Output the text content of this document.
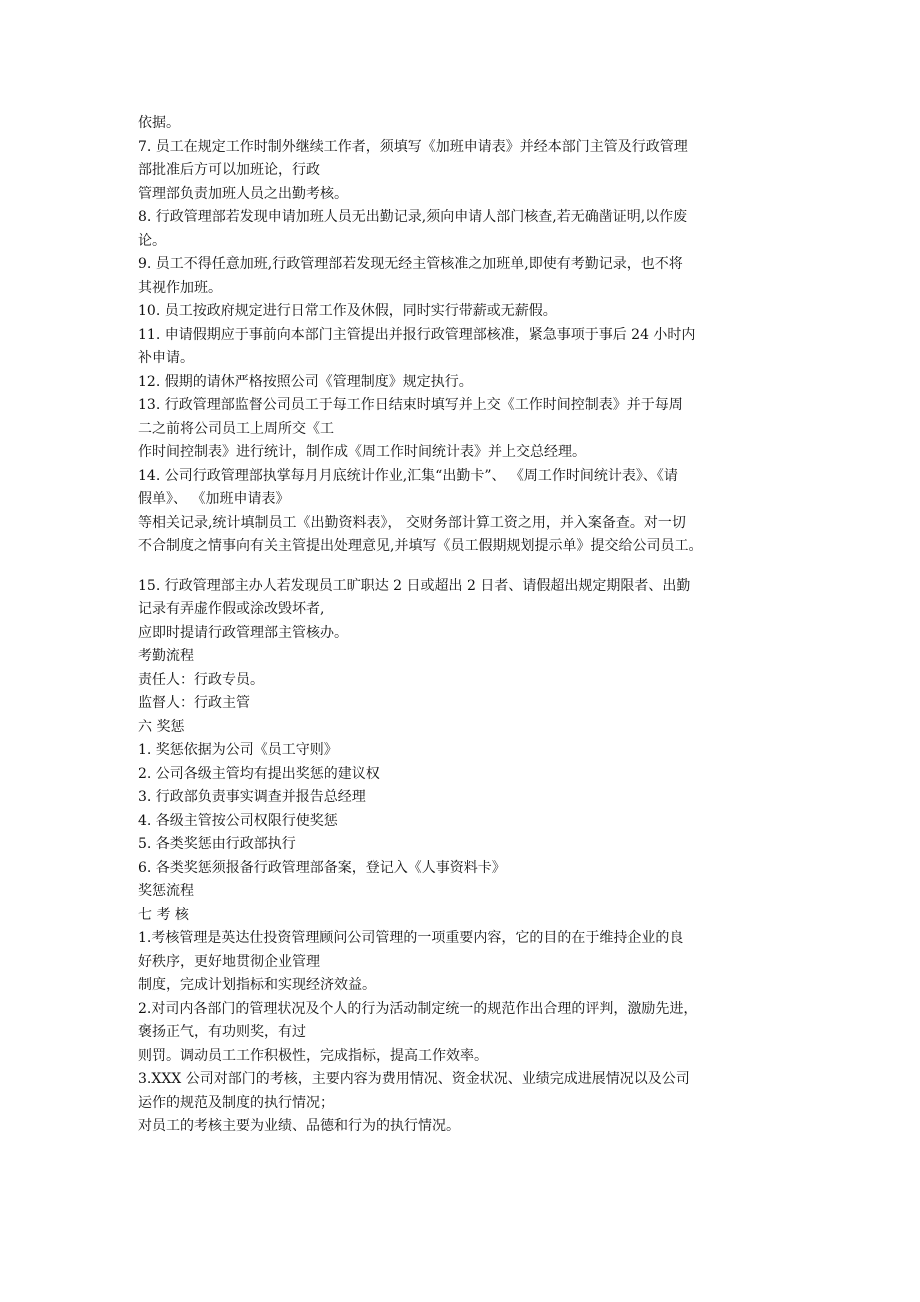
依据。
7. 员工在规定工作时制外继续工作者，须填写《加班申请表》并经本部门主管及行政管理
部批准后方可以加班论，行政
管理部负责加班人员之出勤考核。
8. 行政管理部若发现申请加班人员无出勤记录,须向申请人部门核查,若无确凿证明,以作废
论。
9. 员工不得任意加班,行政管理部若发现无经主管核准之加班单,即使有考勤记录，也不将
其视作加班。
10. 员工按政府规定进行日常工作及休假，同时实行带薪或无薪假。
11. 申请假期应于事前向本部门主管提出并报行政管理部核准，紧急事项于事后 24 小时内
补申请。
12. 假期的请休严格按照公司《管理制度》规定执行。
13. 行政管理部监督公司员工于每工作日结束时填写并上交《工作时间控制表》并于每周
二之前将公司员工上周所交《工
作时间控制表》进行统计，制作成《周工作时间统计表》并上交总经理。
14. 公司行政管理部执掌每月月底统计作业,汇集“出勤卡”、 《周工作时间统计表》、《请
假单》、 《加班申请表》
等相关记录,统计填制员工《出勤资料表》， 交财务部计算工资之用，并入案备查。对一切
不合制度之情事向有关主管提出处理意见,并填写《员工假期规划提示单》提交给公司员工。
15. 行政管理部主办人若发现员工旷职达 2 日或超出 2 日者、请假超出规定期限者、出勤
记录有弄虚作假或涂改毁坏者,
应即时提请行政管理部主管核办。
考勤流程
责任人：行政专员。
监督人：行政主管
六 奖惩
1. 奖惩依据为公司《员工守则》
2. 公司各级主管均有提出奖惩的建议权
3. 行政部负责事实调查并报告总经理
4. 各级主管按公司权限行使奖惩
5. 各类奖惩由行政部执行
6. 各类奖惩须报备行政管理部备案，登记入《人事资料卡》
奖惩流程
七 考 核
1.考核管理是英达仕投资管理顾问公司管理的一项重要内容，它的目的在于维持企业的良
好秩序，更好地贯彻企业管理
制度，完成计划指标和实现经济效益。
2.对司内各部门的管理状况及个人的行为活动制定统一的规范作出合理的评判，激励先进，
褒扬正气，有功则奖，有过
则罚。调动员工工作积极性，完成指标，提高工作效率。
3.XXX 公司对部门的考核，主要内容为费用情况、资金状况、业绩完成进展情况以及公司
运作的规范及制度的执行情况；
对员工的考核主要为业绩、品德和行为的执行情况。
